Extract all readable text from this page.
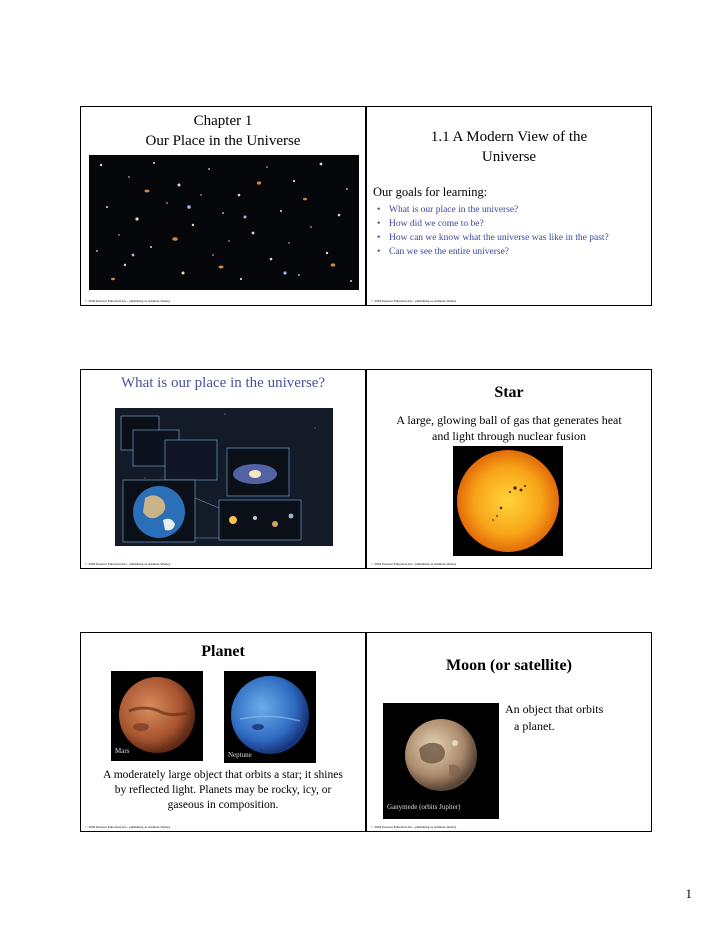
Chapter 1
Our Place in the Universe
© 2004 Pearson Education Inc., publishing as Addison-Wesley
1.1 A Modern View of the
Universe
Our goals for learning:
• What is our place in the universe?
• How did we come to be?
• How can we know what the universe was like in the past?
• Can we see the entire universe?
© 2004 Pearson Education Inc., publishing as Addison-Wesley
What is our place in the universe?
© 2004 Pearson Education Inc., publishing as Addison-Wesley
Star
A large, glowing ball of gas that generates heat
and light through nuclear fusion
© 2004 Pearson Education Inc., publishing as Addison-Wesley
Planet
Mars	Neptune
A moderately large object that orbits a star; it shines by reflected light. Planets may be rocky, icy, or gaseous in composition.
© 2004 Pearson Education Inc., publishing as Addison-Wesley
Moon (or satellite)
Ganymede (orbits Jupiter)
An object that orbits
a planet.
© 2004 Pearson Education Inc., publishing as Addison-Wesley
1
